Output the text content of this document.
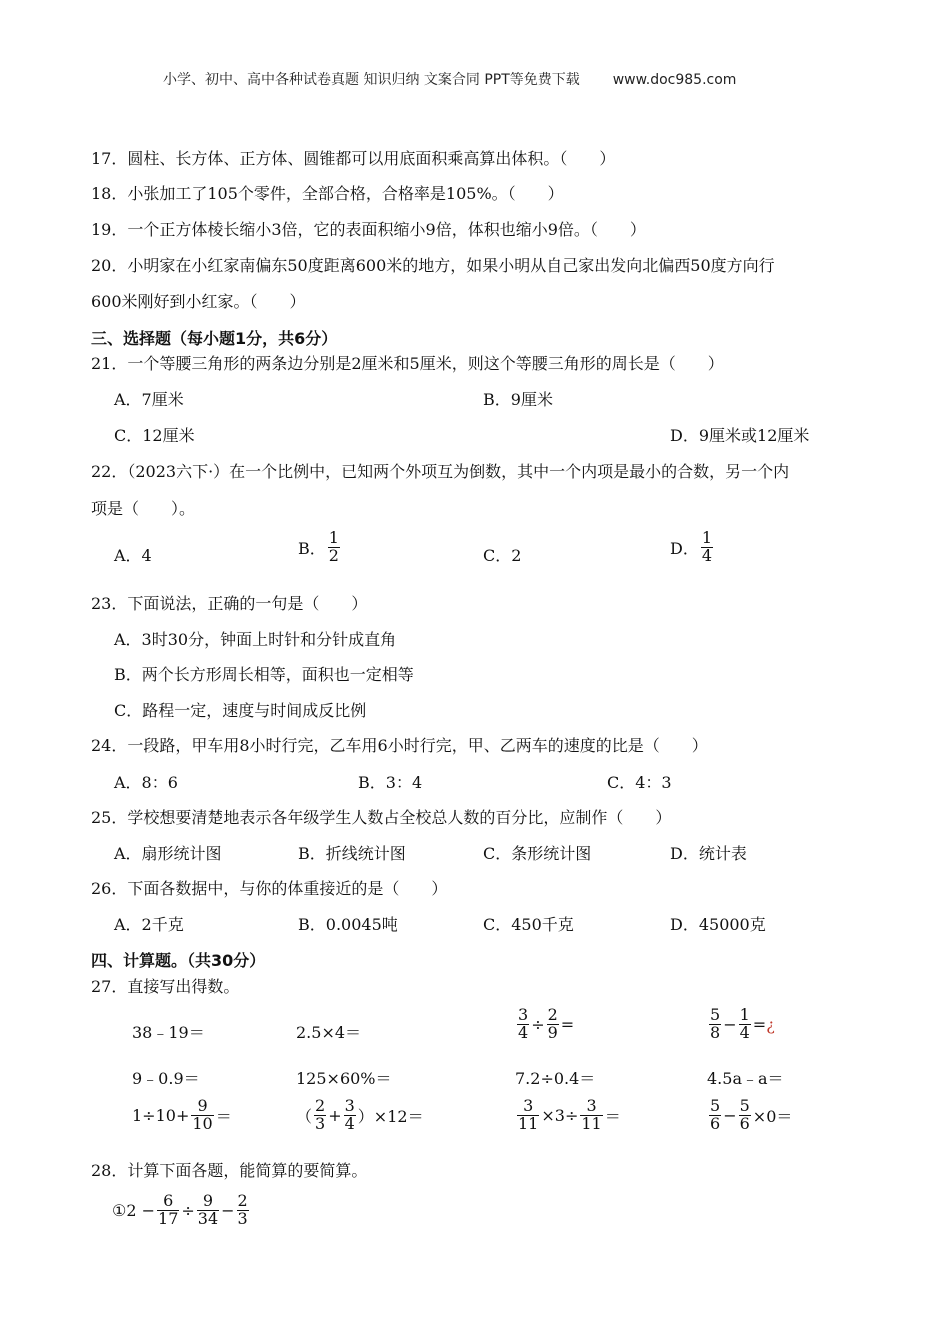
小学、初中、高中各种试卷真题 知识归纳 文案合同 PPT等免费下载 www.doc985.com
17．圆柱、长方体、正方体、圆锥都可以用底面积乘高算出体积。（　　）
18．小张加工了105个零件，全部合格，合格率是105%。（　　）
19．一个正方体棱长缩小3倍，它的表面积缩小9倍，体积也缩小9倍。（　　）
20．小明家在小红家南偏东50度距离600米的地方，如果小明从自己家出发向北偏西50度方向行
600米刚好到小红家。（　　）
三、选择题（每小题1分，共6分）
21．一个等腰三角形的两条边分别是2厘米和5厘米，则这个等腰三角形的周长是（　　）
A．7厘米	B．9厘米
C．12厘米	D．9厘米或12厘米
22．（2023六下·）在一个比例中，已知两个外项互为倒数，其中一个内项是最小的合数，另一个内
项是（　　）。
A．4	B． $\frac{1}{2}$	C．2	D． $\frac{1}{4}$
23．下面说法，正确的一句是（　　）
A．3时30分，钟面上时针和分针成直角
B．两个长方形周长相等，面积也一定相等
C．路程一定，速度与时间成反比例
24．一段路，甲车用8小时行完，乙车用6小时行完，甲、乙两车的速度的比是（　　）
A．8：6	B．3：4	C．4：3
25．学校想要清楚地表示各年级学生人数占全校总人数的百分比，应制作（　　）
A．扇形统计图	B．折线统计图	C．条形统计图	D．统计表
26．下面各数据中，与你的体重接近的是（　　）
A．2千克	B．0.0045吨	C．450千克	D．45000克
四、计算题。（共30分）
27．直接写出得数。
38﹣19＝	2.5×4＝	$\frac{3}{4} \div \frac{2}{9}$ =	$\frac{5}{8} - \frac{1}{4}$ = ¿
9﹣0.9＝	125×60%＝	7.2÷0.4＝	4.5a﹣a＝
$1\div 10+ \frac{9}{10}$ ＝	（ $\frac{2}{3} + \frac{3}{4} )\times 12=$	$\frac{3}{11} \times 3\div \frac{3}{11}$ ＝	$\frac{5}{6} - \frac{5}{6} \times 0=$
28．计算下面各题，能简算的要简算。
① $2 - \frac{6}{17} \div \frac{9}{34} - \frac{2}{3}$
